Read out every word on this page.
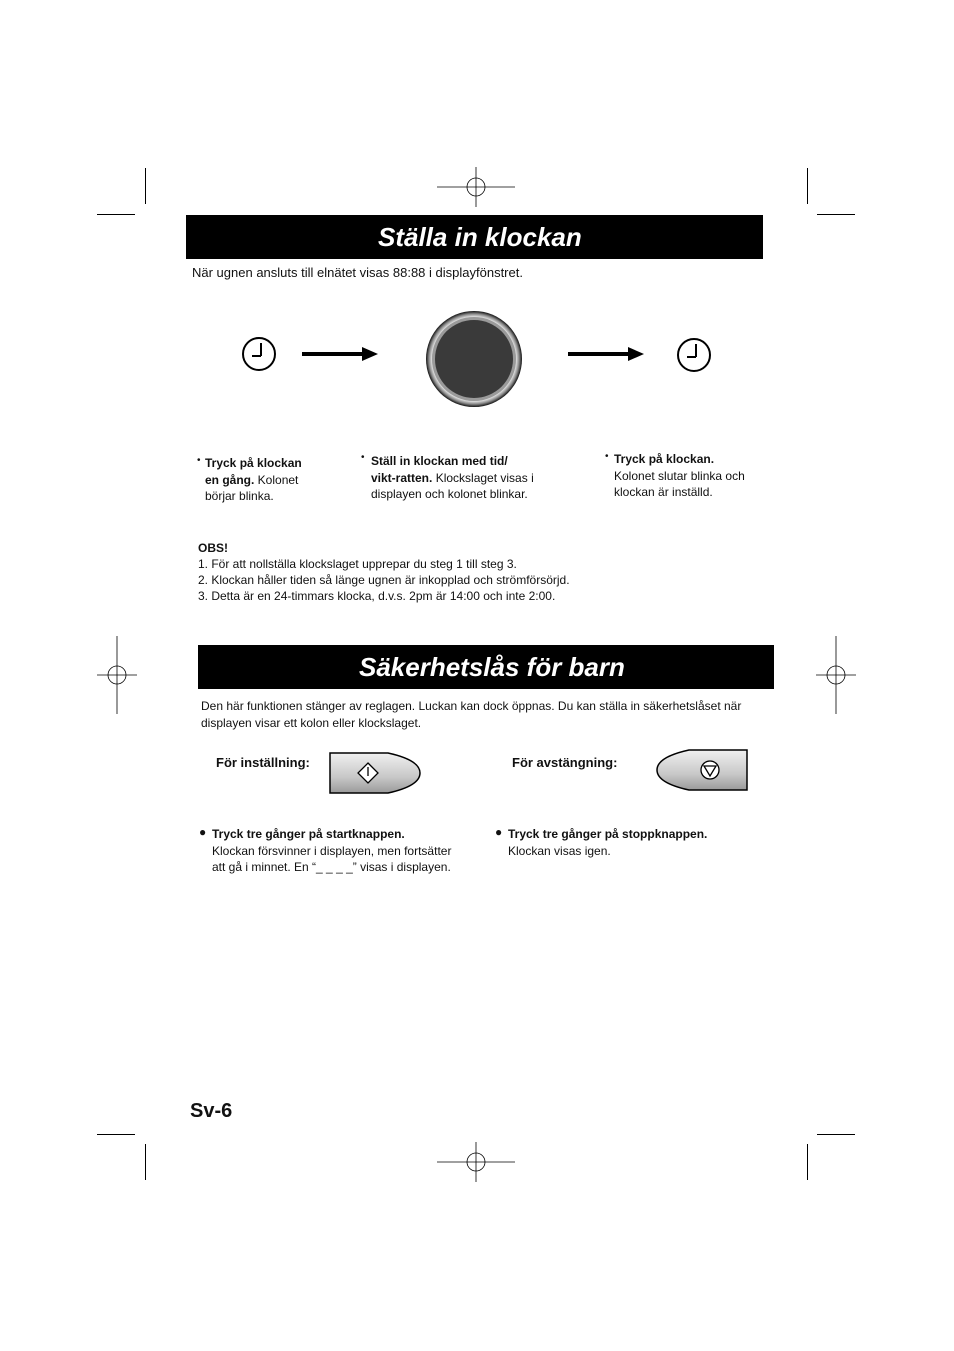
Ställa in klockan
När ugnen ansluts till elnätet visas 88:88 i displayfönstret.
• Tryck på klockan
en gång. Kolonet
börjar blinka.
• Ställ in klockan med tid/
vikt-ratten. Klockslaget visas i
displayen och kolonet blinkar.
• Tryck på klockan.
Kolonet slutar blinka och
klockan är inställd.
OBS!
1. För att nollställa klockslaget upprepar du steg 1 till steg 3.
2. Klockan håller tiden så länge ugnen är inkopplad och strömförsörjd.
3. Detta är en 24-timmars klocka, d.v.s. 2pm är 14:00 och inte 2:00.
Säkerhetslås för barn
Den här funktionen stänger av reglagen. Luckan kan dock öppnas. Du kan ställa in säkerhetslåset när
displayen visar ett kolon eller klockslaget.
För inställning:	För avstängning:
● Tryck tre gånger på startknappen.
Klockan försvinner i displayen, men fortsätter
att gå i minnet. En “_ _ _ _” visas i displayen.
● Tryck tre gånger på stoppknappen.
Klockan visas igen.
Sv-6
